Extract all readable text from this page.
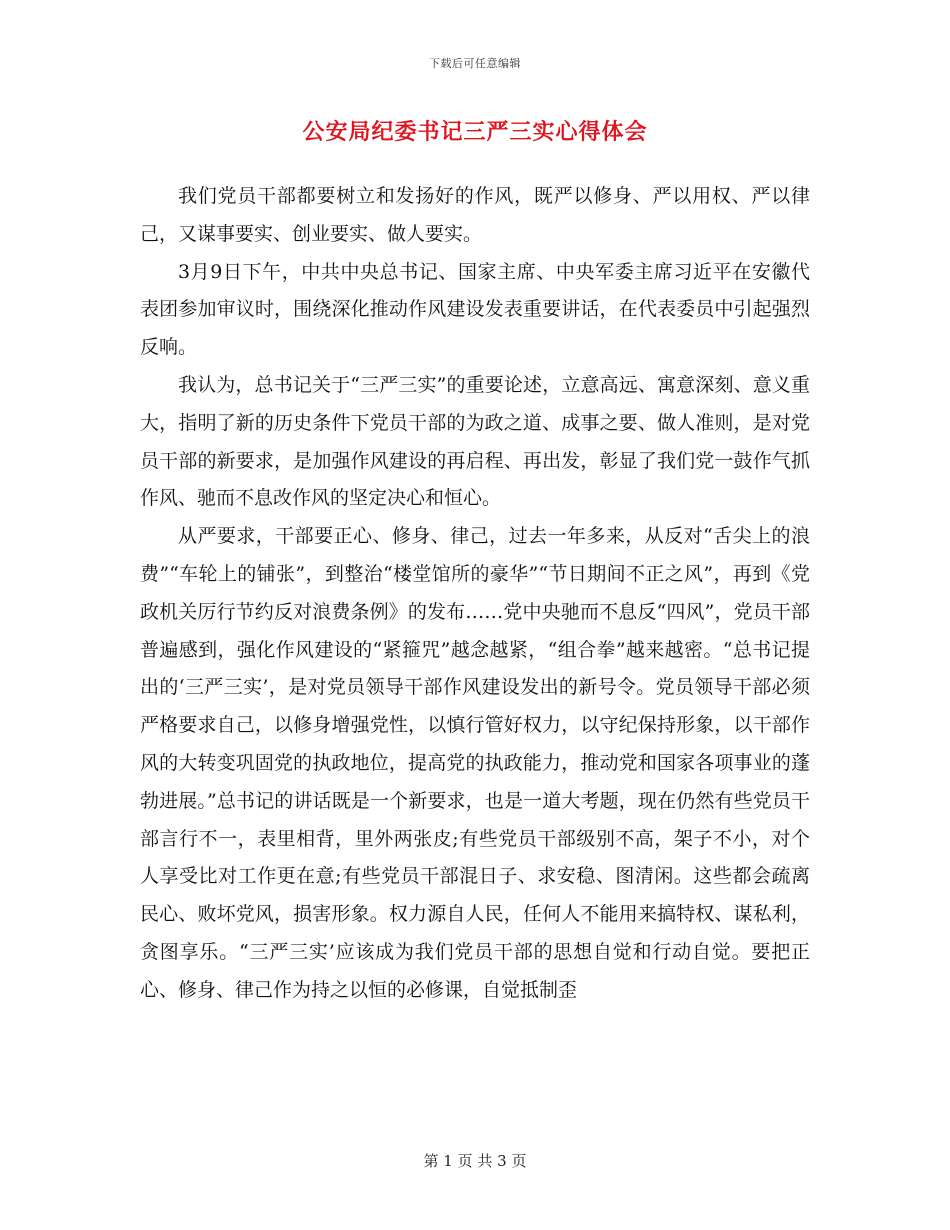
下载后可任意编辑
公安局纪委书记三严三实心得体会

我们党员干部都要树立和发扬好的作风，既严以修身、严以用权、严以律己，又谋事要实、创业要实、做人要实。

3月9日下午，中共中央总书记、国家主席、中央军委主席习近平在安徽代表团参加审议时，围绕深化推动作风建设发表重要讲话，在代表委员中引起强烈反响。

我认为，总书记关于“三严三实”的重要论述，立意高远、寓意深刻、意义重大，指明了新的历史条件下党员干部的为政之道、成事之要、做人准则，是对党员干部的新要求，是加强作风建设的再启程、再出发，彰显了我们党一鼓作气抓作风、驰而不息改作风的坚定决心和恒心。

从严要求，干部要正心、修身、律己，过去一年多来，从反对“舌尖上的浪费”“车轮上的铺张”，到整治“楼堂馆所的豪华”“节日期间不正之风”，再到《党政机关厉行节约反对浪费条例》的发布……党中央驰而不息反“四风”，党员干部普遍感到，强化作风建设的“紧箍咒”越念越紧，“组合拳”越来越密。“总书记提出的‘三严三实’，是对党员领导干部作风建设发出的新号令。党员领导干部必须严格要求自己，以修身增强党性，以慎行管好权力，以守纪保持形象，以干部作风的大转变巩固党的执政地位，提高党的执政能力，推动党和国家各项事业的蓬勃进展。”总书记的讲话既是一个新要求，也是一道大考题，现在仍然有些党员干部言行不一，表里相背，里外两张皮;有些党员干部级别不高，架子不小，对个人享受比对工作更在意;有些党员干部混日子、求安稳、图清闲。这些都会疏离民心、败坏党风，损害形象。权力源自人民，任何人不能用来搞特权、谋私利，贪图享乐。“三严三实’应该成为我们党员干部的思想自觉和行动自觉。要把正心、修身、律己作为持之以恒的必修课，自觉抵制歪

第 1 页 共 3 页
